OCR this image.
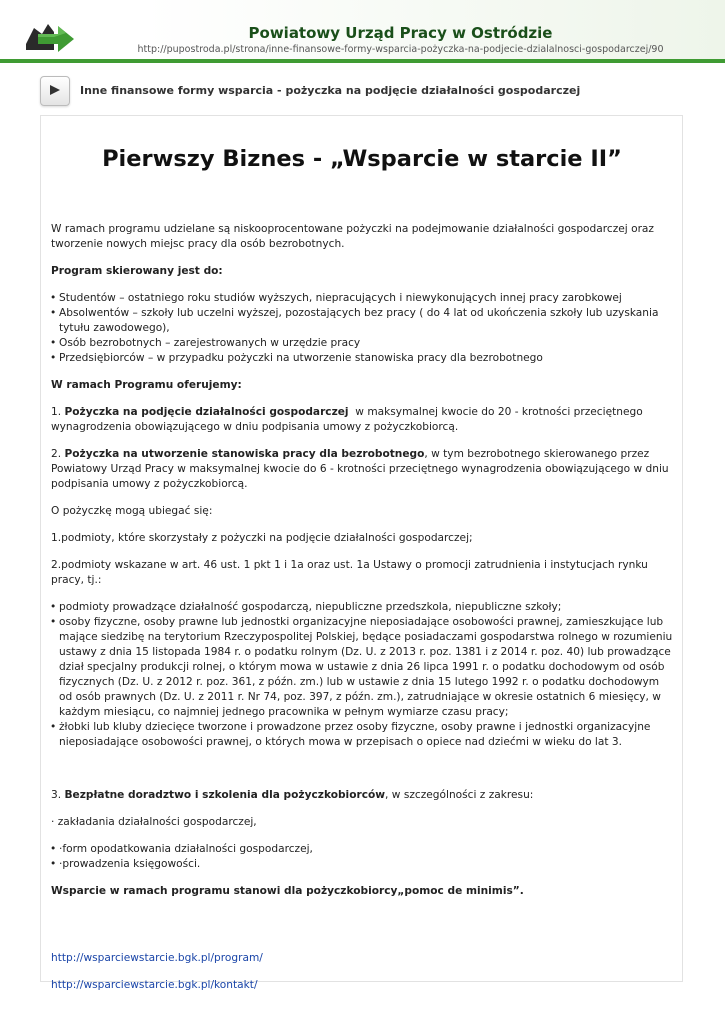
Powiatowy Urząd Pracy w Ostródzie
http://pupostroda.pl/strona/inne-finansowe-formy-wsparcia-pożyczka-na-podjecie-dzialalnosci-gospodarczej/90
Inne finansowe formy wsparcia - pożyczka na podjęcie działalności gospodarczej
Pierwszy Biznes - „Wsparcie w starcie II”

W ramach programu udzielane są niskooprocentowane pożyczki na podejmowanie działalności gospodarczej oraz tworzenie nowych miejsc pracy dla osób bezrobotnych.

Program skierowany jest do:

• Studentów – ostatniego roku studiów wyższych, niepracujących i niewykonujących innej pracy zarobkowej
• Absolwentów – szkoły lub uczelni wyższej, pozostających bez pracy ( do 4 lat od ukończenia szkoły lub uzyskania tytułu zawodowego),
• Osób bezrobotnych – zarejestrowanych w urzędzie pracy
• Przedsiębiorców – w przypadku pożyczki na utworzenie stanowiska pracy dla bezrobotnego

W ramach Programu oferujemy:

1. Pożyczka na podjęcie działalności gospodarczej  w maksymalnej kwocie do 20 - krotności przeciętnego wynagrodzenia obowiązującego w dniu podpisania umowy z pożyczkobiorcą.

2. Pożyczka na utworzenie stanowiska pracy dla bezrobotnego, w tym bezrobotnego skierowanego przez Powiatowy Urząd Pracy w maksymalnej kwocie do 6 - krotności przeciętnego wynagrodzenia obowiązującego w dniu podpisania umowy z pożyczkobiorcą.

O pożyczkę mogą ubiegać się:

1.podmioty, które skorzystały z pożyczki na podjęcie działalności gospodarczej;

2.podmioty wskazane w art. 46 ust. 1 pkt 1 i 1a oraz ust. 1a Ustawy o promocji zatrudnienia i instytucjach rynku pracy, tj.:

• podmioty prowadzące działalność gospodarczą, niepubliczne przedszkola, niepubliczne szkoły;
• osoby fizyczne, osoby prawne lub jednostki organizacyjne nieposiadające osobowości prawnej, zamieszkujące lub mające siedzibę na terytorium Rzeczypospolitej Polskiej, będące posiadaczami gospodarstwa rolnego w rozumieniu ustawy z dnia 15 listopada 1984 r. o podatku rolnym (Dz. U. z 2013 r. poz. 1381 i z 2014 r. poz. 40) lub prowadzące dział specjalny produkcji rolnej, o którym mowa w ustawie z dnia 26 lipca 1991 r. o podatku dochodowym od osób fizycznych (Dz. U. z 2012 r. poz. 361, z późn. zm.) lub w ustawie z dnia 15 lutego 1992 r. o podatku dochodowym od osób prawnych (Dz. U. z 2011 r. Nr 74, poz. 397, z późn. zm.), zatrudniające w okresie ostatnich 6 miesięcy, w każdym miesiącu, co najmniej jednego pracownika w pełnym wymiarze czasu pracy;
• żłobki lub kluby dziecięce tworzone i prowadzone przez osoby fizyczne, osoby prawne i jednostki organizacyjne nieposiadające osobowości prawnej, o których mowa w przepisach o opiece nad dziećmi w wieku do lat 3.

3. Bezpłatne doradztwo i szkolenia dla pożyczkobiorców, w szczególności z zakresu:

· zakładania działalności gospodarczej,

• ·form opodatkowania działalności gospodarczej,
• ·prowadzenia księgowości.

Wsparcie w ramach programu stanowi dla pożyczkobiorcy„pomoc de minimis”.

http://wsparciewstarcie.bgk.pl/program/

http://wsparciewstarcie.bgk.pl/kontakt/
